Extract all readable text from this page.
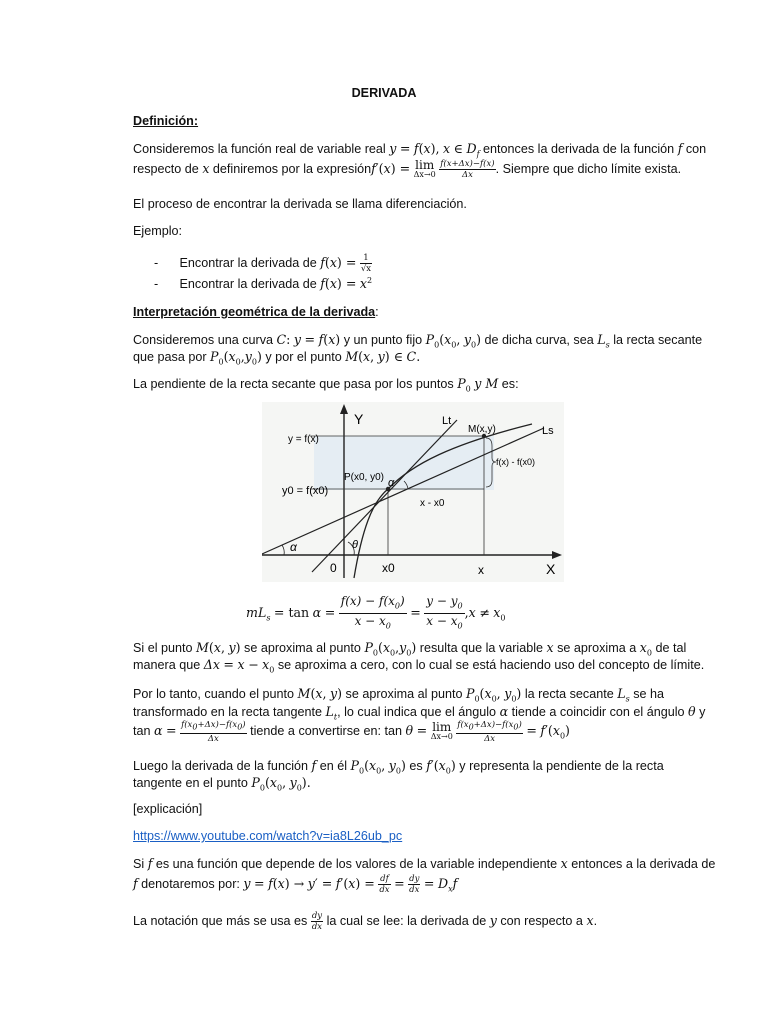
DERIVADA
Definición:
Consideremos la función real de variable real y = f(x), x ∈ $D_f$ entonces la derivada de la función f con
respecto de x definiremos por la expresiónf′(x) = lim
Δx→0
$\frac{f(x+\Delta x)-f(x)}{\Delta x}$ . Siempre que dicho límite exista.
El proceso de encontrar la derivada se llama diferenciación.
Ejemplo:
- Encontrar la derivada de $f(x) = \frac{1}{√x}$
- Encontrar la derivada de $f(x) = x^2$
Interpretación geométrica de la derivada:
Consideremos una curva C: y = f(x) y un punto fijo $P_0(x_0$, $y_0$) de dicha curva, sea $L_s$ la recta secante
que pasa por $P_0(x_0,y_0)$ y por el punto M(x, y) ∈ C.
La pendiente de la recta secante que pasa por los puntos $P_0$ y M es:
Y
X
Lt
Ls
M(x,y)
y = f(x)
P(x0, y0)
y0 = f(x0)
α
α
θ
f(x) - f(x0)
x - x0
0	x0	x
$mL_s = \tan \alpha = \frac{f(x) - f(x_0)}{x - x_0} = \frac{y - y_0}{x - x_0} ,x \ne x_0$
Si el punto M(x, y) se aproxima al punto $P_0(x_0,y_0)$ resulta que la variable x se aproxima a $x_0$ de tal
manera que $\Delta x = x - x_0$ se aproxima a cero, con lo cual se está haciendo uso del concepto de límite.
Por lo tanto, cuando el punto M(x, y) se aproxima al punto $P_0(x_0$, $y_0$) la recta secante $L_s$ se ha
transformado en la recta tangente $L_t$, lo cual indica que el ángulo α tiende a coincidir con el ángulo θ y
$\tan \alpha = \frac{f(x_0+\Delta x)-f(x_0)}{\Delta x}$ tiende a convertirse en: tan θ = lim
Δx→0
$\frac{f(x_0+\Delta x)-f(x_0)}{\Delta x} = f'(x_0)$
Luego la derivada de la función f en él $P_0(x_0$, $y_0$) es $f'(x_0)$ y representa la pendiente de la recta
tangente en el punto $P_0(x_0$, $y_0$).
[explicación]
https://www.youtube.com/watch?v=ia8L26ub_pc
Si f es una función que depende de los valores de la variable independiente x entonces a la derivada de
f denotaremos por: $y = f(x) \to y' = f'(x) = \frac{df}{dx} = \frac{dy}{dx} = D_xf$
La notación que más se usa es $\frac{dy}{dx}$ la cual se lee: la derivada de y con respecto a x.
